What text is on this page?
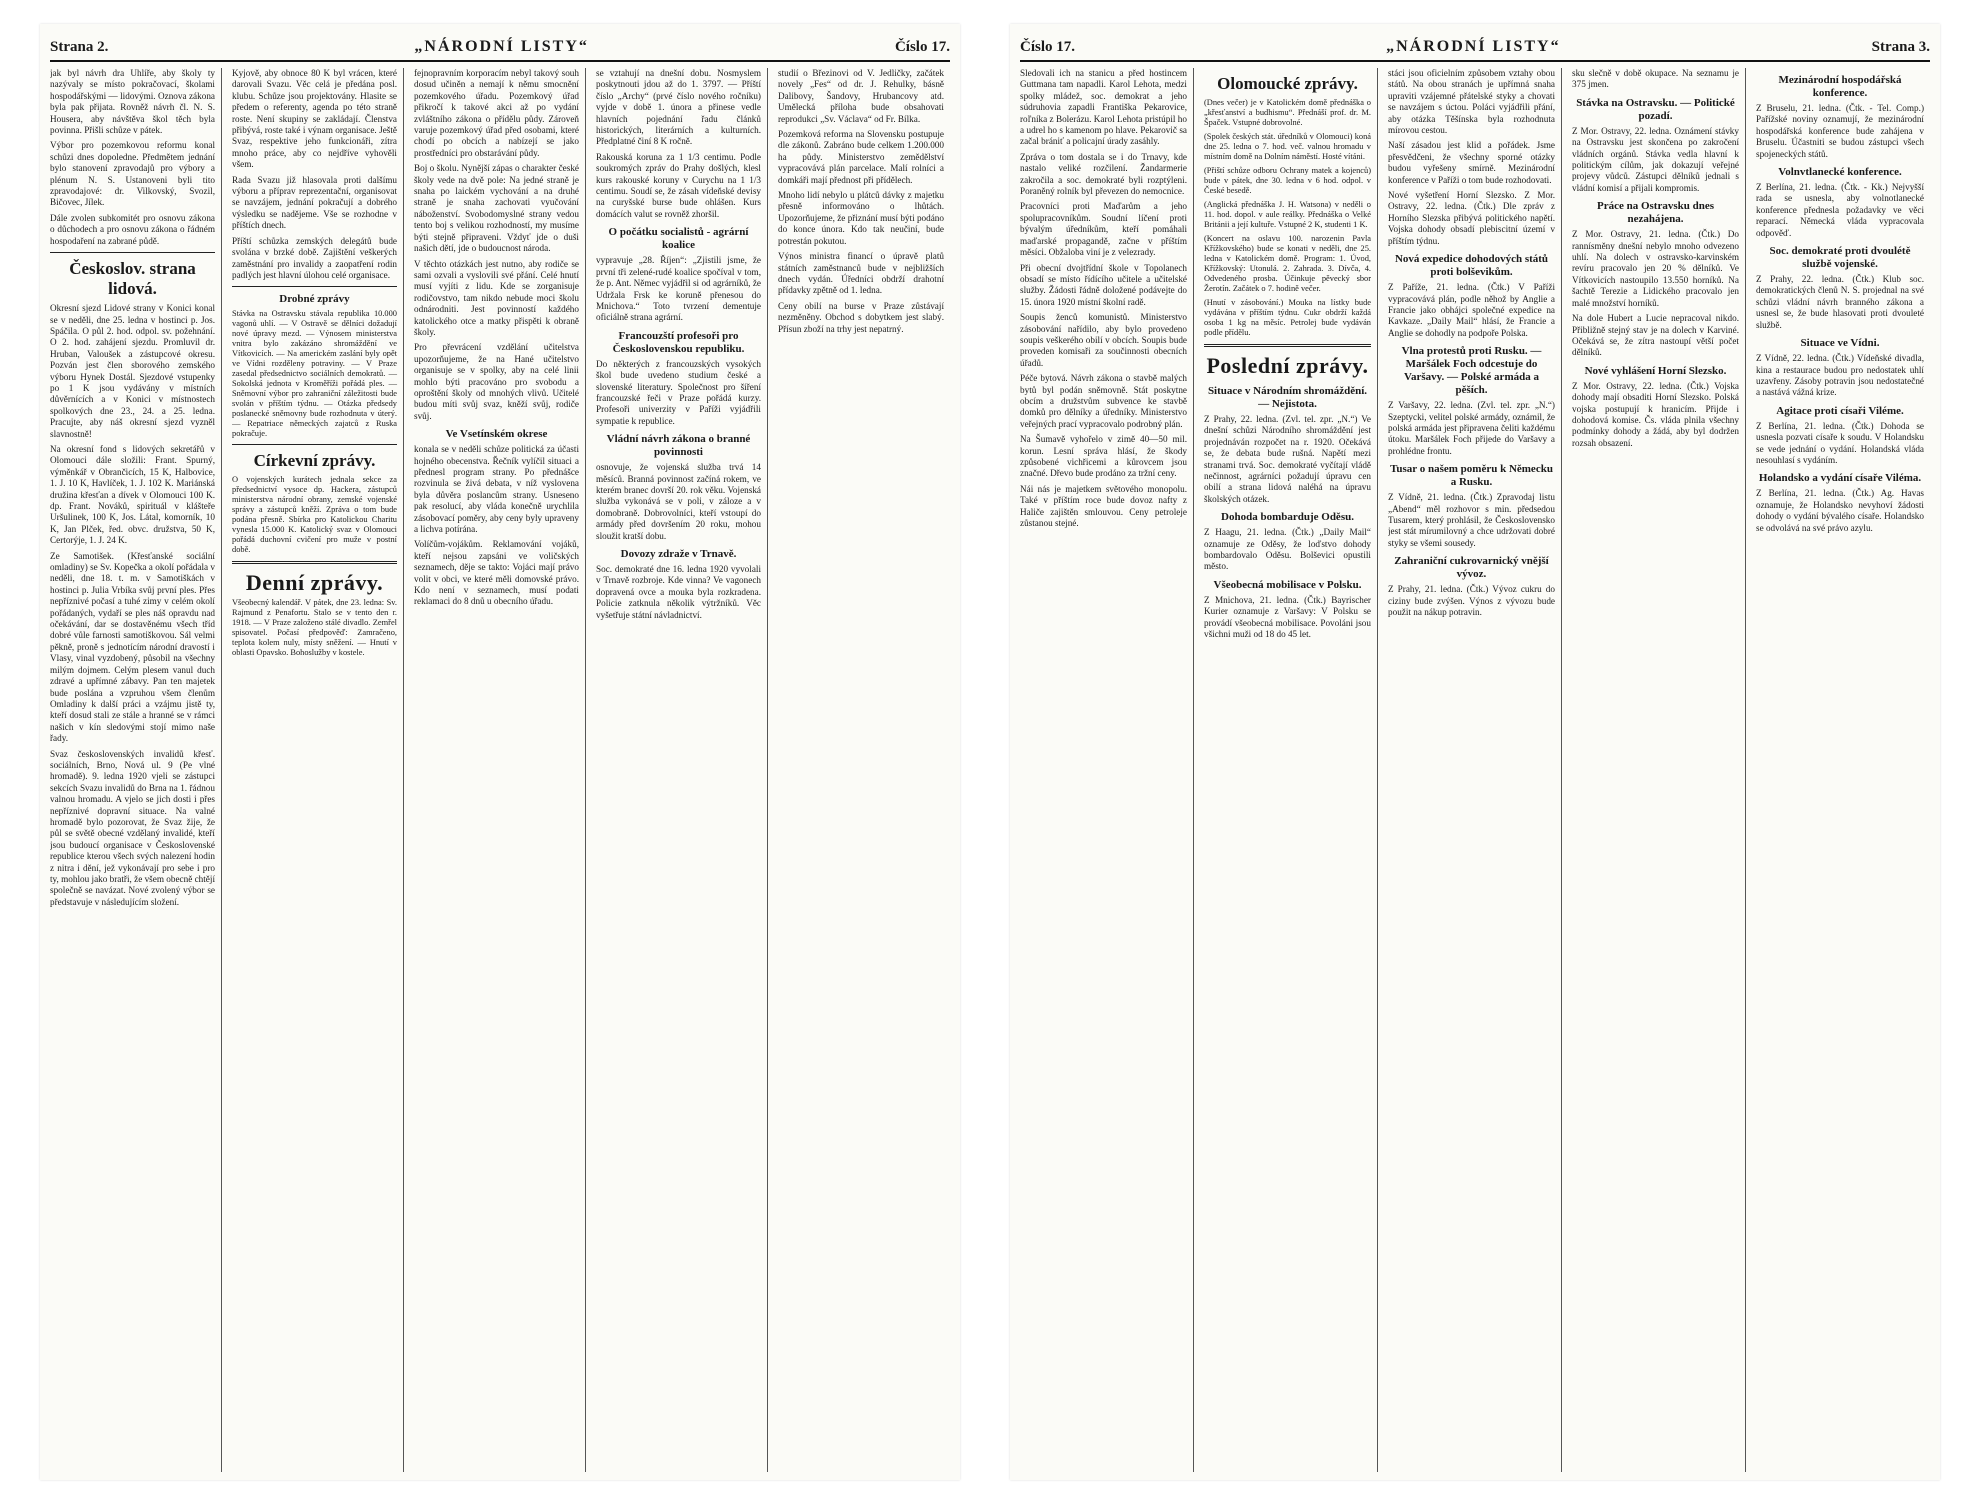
Strana 2.	„NÁRODNÍ LISTY“	Číslo 17.

jak byl návrh dra Uhlíře, aby školy ty nazývaly se místo pokračovací, školami hospodářskými — lidovými. Oznova zákona byla pak přijata. Rovněž návrh čl. N. S. Housera, aby návštěva škol těch byla povinna. Přišli schůze v pátek.

Výbor pro pozemkovou reformu konal schůzi dnes dopoledne. Předmětem jednání bylo stanovení zpravodajů pro výbory a plénum N. S. Ustanoveni byli tito zpravodajové: dr. Vilkovský, Svozil, Bičovec, Jílek.

Dále zvolen subkomitét pro osnovu zákona o důchodech a pro osnovu zákona o řádném hospodaření na zabrané půdě.

Českoslov. strana lidová.

Okresní sjezd Lidové strany v Konici konal se v neděli, dne 25. ledna v hostinci p. Jos. Spáčila. O půl 2. hod. odpol. sv. požehnání. O 2. hod. zahájení sjezdu. Promluvil dr. Hruban, Valoušek a zástupcové okresu. Pozván jest člen sborového zemského výboru Hynek Dostál. Sjezdové vstupenky po 1 K jsou vydávány v místních důvěrnících a v Konici v místnostech spolkových dne 23., 24. a 25. ledna. Pracujte, aby náš okresní sjezd vyzněl slavnostně!

Na okresní fond s lidových sekretářů v Olomouci dále složili: Frant. Spurný, výměnkář v Obrančicích, 15 K, Halbovice, 1. J. 10 K, Havlíček, 1. J. 102 K. Mariánská družina křesťan a dívek v Olomouci 100 K. dp. Frant. Nováků, spirituál v klášteře Uršulinek, 100 K, Jos. Látal, komorník, 10 K, Jan Plček, řed. obvc. družstva, 50 K, Certorýje, 1. J. 24 K.

Ze Samotišek. (Křesťanské sociální omladiny) se Sv. Kopečka a okolí pořádala v neděli, dne 18. t. m. v Samotiškách v hostinci p. Julia Vrbíka svůj první ples. Přes nepříznivé počasí a tuhé zimy v celém okolí pořádaných, vydaří se ples náš opravdu nad očekávání, dar se dostavěnému všech tříd dobré vůle farnosti samotiškovou. Sál velmi pěkně, proně s jednotícím národní dravostí i Vlasy, vinal vyzdobený, působil na všechny milým dojmem. Celým plesem vanul duch zdravé a upřímné zábavy. Pan ten majetek bude poslána a vzpruhou všem členům Omladiny k další práci a vzájmu jistě ty, kteří dosud stali ze stále a hranné se v rámci našich v kín sledovými stojí mimo naše řady.

Svaz československých invalidů křesť. sociálních, Brno, Nová ul. 9 (Pe vlné hromadě). 9. ledna 1920 vjeli se zástupci sekcích Svazu invalidů do Brna na 1. řádnou valnou hromadu. A vjelo se jich dosti i přes nepříznivé dopravní situace. Na valné hromadě bylo pozorovat, že Svaz žije, že půl se světě obecné vzdělaný invalidé, kteří jsou budoucí organisace v Československé republice kterou všech svých nalezení hodin z nitra i dění, jež vykonávají pro sebe i pro ty, mohlou jako bratři, že všem obecně chtějí společně se navázat. Nové zvolený výbor se představuje v následujícím složení.

Kyjově, aby obnoce 80 K byl vrácen, které darovali Svazu. Věc celá je předána posl. klubu. Schůze jsou projektovány. Hlasite se předem o referenty, agenda po této straně roste. Není skupiny se zakládají. Členstva přibývá, roste také i výnam organisace. Ještě Svaz, respektive jeho funkcionáři, zítra mnoho práce, aby co nejdříve vyhověli všem.

Rada Svazu již hlasovala proti dalšímu výboru a příprav reprezentační, organisovat se navzájem, jednání pokračují a dobrého výsledku se nadějeme. Vše se rozhodne v příštích dnech.

Příští schůzka zemských delegátů bude svolána v brzké době. Zajištění veškerých zaměstnání pro invalidy a zaopatření rodin padlých jest hlavní úlohou celé organisace.

Drobné zprávy

Stávka na Ostravsku stávala republika 10.000 vagonů uhlí. — V Ostravě se dělníci dožadují nové úpravy mezd. — Výnosem ministerstva vnitra bylo zakázáno shromáždění ve Vítkovicích. — Na americkém zaslání byly opět ve Vídni rozděleny potraviny. — V Praze zasedal předsednictvo sociálních demokratů. — Sokolská jednota v Kroměříži pořádá ples. — Sněmovní výbor pro zahraniční záležitosti bude svolán v příštím týdnu. — Otázka předsedy poslanecké sněmovny bude rozhodnuta v úterý. — Repatriace německých zajatců z Ruska pokračuje.

Církevní zprávy.

O vojenských kurátech jednala sekce za předsednictví vysoce dp. Hackera, zástupců ministerstva národní obrany, zemské vojenské správy a zástupců kněží. Zpráva o tom bude podána přesně. Sbírka pro Katolickou Charitu vynesla 15.000 K. Katolický svaz v Olomouci pořádá duchovní cvičení pro muže v postní době.

Denní zprávy.

Všeobecný kalendář. V pátek, dne 23. ledna: Sv. Rajmund z Penafortu. Stalo se v tento den r. 1918. — V Praze založeno stálé divadlo. Zemřel spisovatel. Počasí předpověď: Zamračeno, teplota kolem nuly, místy sněžení. — Hnutí v oblasti Opavsko. Bohoslužby v kostele.

fejnopravním korporacím nebyl takový souh dosud učiněn a nemají k němu smocnění pozemkového úřadu. Pozemkový úřad přikročí k takové akci až po vydání zvláštního zákona o přídělu půdy. Zároveň varuje pozemkový úřad před osobami, které chodí po obcích a nabízejí se jako prostředníci pro obstarávání půdy.

Boj o školu. Nynější zápas o charakter české školy vede na dvě pole: Na jedné straně je snaha po laickém vychování a na druhé straně je snaha zachovati vyučování náboženství. Svobodomyslné strany vedou tento boj s velikou rozhodností, my musíme býti stejně připraveni. Vždyť jde o duši našich dětí, jde o budoucnost národa.

V těchto otázkách jest nutno, aby rodiče se sami ozvali a vyslovili své přání. Celé hnutí musí vyjíti z lidu. Kde se zorganisuje rodičovstvo, tam nikdo nebude moci školu odnárodniti. Jest povinností každého katolického otce a matky přispěti k obraně školy.

Pro převrácení vzdělání učitelstva upozorňujeme, že na Hané učitelstvo organisuje se v spolky, aby na celé linii mohlo býti pracováno pro svobodu a oproštění školy od mnohých vlivů. Učitelé budou míti svůj svaz, kněží svůj, rodiče svůj.

Ve Vsetínském okrese

konala se v neděli schůze politická za účasti hojného obecenstva. Řečník vylíčil situaci a přednesl program strany. Po přednášce rozvinula se živá debata, v níž vyslovena byla důvěra poslancům strany. Usneseno pak resolucí, aby vláda konečně urychlila zásobovací poměry, aby ceny byly upraveny a lichva potírána.

Volíčům-vojákům. Reklamování vojáků, kteří nejsou zapsáni ve voličských seznamech, děje se takto: Vojáci mají právo volit v obci, ve které měli domovské právo. Kdo není v seznamech, musí podati reklamaci do 8 dnů u obecního úřadu.

se vztahují na dnešní dobu. Nosmyslem poskytnouti jdou až do 1. 3797. — Příští číslo „Archy“ (prvé číslo nového ročníku) vyjde v době 1. února a přinese vedle hlavních pojednání řadu článků historických, literárních a kulturních. Předplatné činí 8 K ročně.

Rakouská koruna za 1 1/3 centimu. Podle soukromých zpráv do Prahy došlých, klesl kurs rakouské koruny v Curychu na 1 1/3 centimu. Soudí se, že zásah vídeňské devisy na curyšské burse bude ohlášen. Kurs domácích valut se rovněž zhoršil.

O počátku socialistů - agrární koalice

vypravuje „28. Říjen“: „Zjistili jsme, že první tři zelené-rudé koalice spočíval v tom, že p. Ant. Němec vyjádřil si od agrárníků, že Udržala Frsk ke koruně přenesou do Mnichova.“ Toto tvrzení dementuje oficiálně strana agrární.

Francouzští profesoři pro Československou republiku.

Do některých z francouzských vysokých škol bude uvedeno studium české a slovenské literatury. Společnost pro šíření francouzské řeči v Praze pořádá kurzy. Profesoři univerzity v Paříži vyjádřili sympatie k republice.

Vládní návrh zákona o branné povinnosti

osnovuje, že vojenská služba trvá 14 měsíců. Branná povinnost začíná rokem, ve kterém branec dovrší 20. rok věku. Vojenská služba vykonává se v poli, v záloze a v domobraně. Dobrovolníci, kteří vstoupí do armády před dovršením 20 roku, mohou sloužit kratší dobu.

Dovozy zdraže v Trnavě.

Soc. demokraté dne 16. ledna 1920 vyvolali v Trnavě rozbroje. Kde vinna? Ve vagonech dopravená ovce a mouka byla rozkradena. Policie zatknula několik výtržníků. Věc vyšetřuje státní návladnictví.

studií o Březinovi od V. Jedličky, začátek novely „Fes“ od dr. J. Rehulky, básně Dalibovy, Šandovy, Hrubancovy atd. Umělecká příloha bude obsahovati reprodukci „Sv. Václava“ od Fr. Bílka.

Pozemková reforma na Slovensku postupuje dle zákonů. Zabráno bude celkem 1.200.000 ha půdy. Ministerstvo zemědělství vypracovává plán parcelace. Malí rolníci a domkáři mají přednost při přídělech.

Mnoho lidí nebylo u plátců dávky z majetku přesně informováno o lhůtách. Upozorňujeme, že přiznání musí býti podáno do konce února. Kdo tak neučiní, bude potrestán pokutou.

Výnos ministra financí o úpravě platů státních zaměstnanců bude v nejbližších dnech vydán. Úředníci obdrží drahotní přídavky zpětně od 1. ledna.

Ceny obilí na burse v Praze zůstávají nezměněny. Obchod s dobytkem jest slabý. Přísun zboží na trhy jest nepatrný.

Číslo 17.	„NÁRODNÍ LISTY“	Strana 3.

Sledovali ich na stanicu a před hostincem Guttmana tam napadli. Karol Lehota, medzi spolky mládež, soc. demokrat a jeho súdruhovia zapadli Františka Pekarovice, roľníka z Bolerázu. Karol Lehota pristúpil ho a udrel ho s kamenom po hlave. Pekarovič sa začal brániť a policajní úrady zasáhly.

Zpráva o tom dostala se i do Trnavy, kde nastalo veliké rozčilení. Žandarmerie zakročila a soc. demokraté byli rozptýleni. Poraněný rolník byl převezen do nemocnice.

Pracovníci proti Maďarům a jeho spolupracovníkům. Soudní líčení proti bývalým úředníkům, kteří pomáhali maďarské propagandě, začne v příštím měsíci. Obžaloba viní je z velezrady.

Při obecní dvojtřídní škole v Topolanech obsadí se místo řídícího učitele a učitelské služby. Žádosti řádně doložené podávejte do 15. února 1920 místní školní radě.

Soupis ženců komunistů. Ministerstvo zásobování nařídilo, aby bylo provedeno soupis veškerého obilí v obcích. Soupis bude proveden komisaři za součinnosti obecních úřadů.

Péče bytová. Návrh zákona o stavbě malých bytů byl podán sněmovně. Stát poskytne obcím a družstvům subvence ke stavbě domků pro dělníky a úředníky. Ministerstvo veřejných prací vypracovalo podrobný plán.

Na Šumavě vyhořelo v zimě 40—50 mil. korun. Lesní správa hlásí, že škody způsobené vichřicemi a kůrovcem jsou značné. Dřevo bude prodáno za tržní ceny.

Nái nás je majetkem světového monopolu. Také v příštím roce bude dovoz nafty z Haliče zajištěn smlouvou. Ceny petroleje zůstanou stejné.

Olomoucké zprávy.

(Dnes večer) je v Katolickém domě přednáška o „křesťanství a budhismu“. Přednáší prof. dr. M. Špaček. Vstupné dobrovolné.

(Spolek českých stát. úředníků v Olomouci) koná dne 25. ledna o 7. hod. več. valnou hromadu v místním domě na Dolním náměstí. Hosté vítáni.

(Přiští schůze odboru Ochrany matek a kojenců) bude v pátek, dne 30. ledna v 6 hod. odpol. v České besedě.

(Anglická přednáška J. H. Watsona) v neděli o 11. hod. dopol. v aule reálky. Přednáška o Velké Británii a její kultuře. Vstupné 2 K, studenti 1 K.

(Koncert na oslavu 100. narozenin Pavla Křížkovského) bude se konati v neděli, dne 25. ledna v Katolickém domě. Program: 1. Úvod, Křížkovský: Utonulá. 2. Zahrada. 3. Dívča, 4. Odvedeného prosba. Účinkuje pěvecký sbor Žerotín. Začátek o 7. hodině večer.

(Hnutí v zásobování.) Mouka na lístky bude vydávána v příštím týdnu. Cukr obdrží každá osoba 1 kg na měsíc. Petrolej bude vydáván podle přídělu.

Poslední zprávy.
Situace v Národním shromáždění. — Nejistota.

Z Prahy, 22. ledna. (Zvl. tel. zpr. „N.“) Ve dnešní schůzi Národního shromáždění jest projednáván rozpočet na r. 1920. Očekává se, že debata bude rušná. Napětí mezi stranami trvá. Soc. demokraté vyčítají vládě nečinnost, agrárníci požadují úpravu cen obilí a strana lidová naléhá na úpravu školských otázek.

Dohoda bombarduje Oděsu.

Z Haagu, 21. ledna. (Čtk.) „Daily Mail“ oznamuje ze Oděsy, že loďstvo dohody bombardovalo Oděsu. Bolševici opustili město.

Všeobecná mobilisace v Polsku.

Z Mnichova, 21. ledna. (Čtk.) Bayrischer Kurier oznamuje z Varšavy: V Polsku se provádí všeobecná mobilisace. Povoláni jsou všichni muži od 18 do 45 let.

stáci jsou oficielním způsobem vztahy obou států. Na obou stranách je upřímná snaha upraviti vzájemné přátelské styky a chovati se navzájem s úctou. Poláci vyjádřili přání, aby otázka Těšínska byla rozhodnuta mírovou cestou.

Naší zásadou jest klid a pořádek. Jsme přesvědčeni, že všechny sporné otázky budou vyřešeny smírně. Mezinárodní konference v Paříži o tom bude rozhodovati.

Nové vyšetření Horní Slezsko. Z Mor. Ostravy, 22. ledna. (Čtk.) Dle zpráv z Horního Slezska přibývá politického napětí. Vojska dohody obsadí plebiscitní území v příštím týdnu.

Nová expedice dohodových států proti bolševikům.

Z Paříže, 21. ledna. (Čtk.) V Paříži vypracovává plán, podle něhož by Anglie a Francie jako obhájci společné expedice na Kavkaze. „Daily Mail“ hlásí, že Francie a Anglie se dohodly na podpoře Polska.

Vlna protestů proti Rusku. — Maršálek Foch odcestuje do Varšavy. — Polské armáda a pěších.

Z Varšavy, 22. ledna. (Zvl. tel. zpr. „N.“) Szeptycki, velitel polské armády, oznámil, že polská armáda jest připravena čeliti každému útoku. Maršálek Foch přijede do Varšavy a prohlédne frontu.

Tusar o našem poměru k Německu a Rusku.

Z Vídně, 21. ledna. (Čtk.) Zpravodaj listu „Abend“ měl rozhovor s min. předsedou Tusarem, který prohlásil, že Československo jest stát mírumilovný a chce udržovati dobré styky se všemi sousedy.

Zahraniční cukrovarnický vnější vývoz.

Z Prahy, 21. ledna. (Čtk.) Vývoz cukru do ciziny bude zvýšen. Výnos z vývozu bude použit na nákup potravin.

sku slečně v době okupace. Na seznamu je 375 jmen.

Stávka na Ostravsku. — Politické pozadí.

Z Mor. Ostravy, 22. ledna. Oznámení stávky na Ostravsku jest skončena po zakročení vládních orgánů. Stávka vedla hlavní k politickým cílům, jak dokazují veřejné projevy vůdců. Zástupci dělníků jednali s vládní komisí a přijali kompromis.

Práce na Ostravsku dnes nezahájena.

Z Mor. Ostravy, 21. ledna. (Čtk.) Do rannísměny dnešní nebylo mnoho odvezeno uhlí. Na dolech v ostravsko-karvinském revíru pracovalo jen 20 % dělníků. Ve Vítkovicích nastoupilo 13.550 horníků. Na šachtě Terezie a Lidického pracovalo jen malé množství horníků.

Na dole Hubert a Lucie nepracoval nikdo. Přibližně stejný stav je na dolech v Karviné. Očekává se, že zítra nastoupí větší počet dělníků.

Nové vyhlášení Horní Slezsko.

Z Mor. Ostravy, 22. ledna. (Čtk.) Vojska dohody mají obsaditi Horní Slezsko. Polská vojska postupují k hranicím. Přijde i dohodová komise. Čs. vláda plnila všechny podmínky dohody a žádá, aby byl dodržen rozsah obsazení.

Mezinárodní hospodářská konference.

Z Bruselu, 21. ledna. (Čtk. - Tel. Comp.) Pařížské noviny oznamují, že mezinárodní hospodářská konference bude zahájena v Bruselu. Účastniti se budou zástupci všech spojeneckých států.

Volnvtlanecké konference.

Z Berlína, 21. ledna. (Čtk. - Kk.) Nejvyšší rada se usnesla, aby volnotlanecké konference přednesla požadavky ve věci reparací. Německá vláda vypracovala odpověď.

Soc. demokraté proti dvoulétě službě vojenské.

Z Prahy, 22. ledna. (Čtk.) Klub soc. demokratických členů N. S. projednal na své schůzi vládní návrh branného zákona a usnesl se, že bude hlasovati proti dvouleté službě.

Situace ve Vídni.

Z Vídně, 22. ledna. (Čtk.) Vídeňské divadla, kina a restaurace budou pro nedostatek uhlí uzavřeny. Zásoby potravin jsou nedostatečné a nastává vážná krize.

Agitace proti císaři Viléme.

Z Berlína, 21. ledna. (Čtk.) Dohoda se usnesla pozvati císaře k soudu. V Holandsku se vede jednání o vydání. Holandská vláda nesouhlasí s vydáním.

Holandsko a vydání císaře Viléma.

Z Berlína, 21. ledna. (Čtk.) Ag. Havas oznamuje, že Holandsko nevyhoví žádosti dohody o vydání bývalého císaře. Holandsko se odvolává na své právo azylu.
